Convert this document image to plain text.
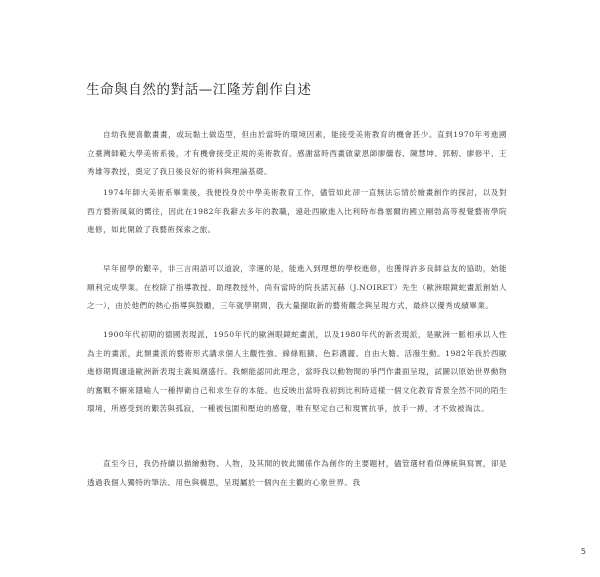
生命與自然的對話—江隆芳創作自述

自幼我便喜歡畫畫，或玩黏土做造型，但由於當時的環境因素，能接受美術教育的機會甚少。直到1970年考進國立臺灣師範大學美術系後，才有機會接受正規的美術教育。感謝當時西畫啟蒙恩師廖繼春、陳慧坤、郭軔、廖修平、王秀雄等教授，奠定了我日後良好的術科與理論基礎。

1974年師大美術系畢業後，我便投身於中學美術教育工作，儘管如此卻一直無法忘情於繪畫創作的探討，以及對西方藝術風氣的嚮往，因此在1982年我辭去多年的教職，遠赴西歐進入比利時布魯塞爾的國立剛勃高等視覺藝術學院進修，如此開啟了我藝術探索之旅。

早年留學的艱辛，非三言兩語可以道說，幸運的是，能進入到理想的學校進修，也獲得許多良師益友的協助，始能順利完成學業。在校除了指導教授、助理教授外，尚有當時的院長諾瓦赫（J.NOIRET）先生（歐洲眼鏡蛇畫派創始人之一），由於他們的熱心指導與鼓勵，三年就學期間，我大量擷取新的藝術觀念與呈現方式，最終以優秀成績畢業。

1900年代初期的德國表現派，1950年代的歐洲眼鏡蛇畫派，以及1980年代的新表現派，是歐洲一脈相承以人性為主的畫派，此類畫派的藝術形式講求個人主觀性強、線條粗獷、色彩濃麗、自由大膽、活潑生動。1982年我於西歐進修期間適逢歐洲新表現主義風潮盛行。我頗能認同此理念，當時我以動物間的爭鬥作畫面呈現，試圖以原始世界動物的奮戰不懈來隱喻人一種捍衛自己和求生存的本能。也反映出當時我初到比利時這樣一個文化教育背景全然不同的陌生環境，所感受到的艱苦與孤寂，一種被包圍和壓迫的感覺，唯有堅定自己和現實抗爭，放手一搏，才不致被淘汰。

直至今日，我仍持續以描繪動物、人物，及其間的彼此關係作為創作的主要題材，儘管選材看似傳統與寫實，卻是透過我個人獨特的筆法、用色與構思，呈現屬於一個內在主觀的心象世界。我

5
